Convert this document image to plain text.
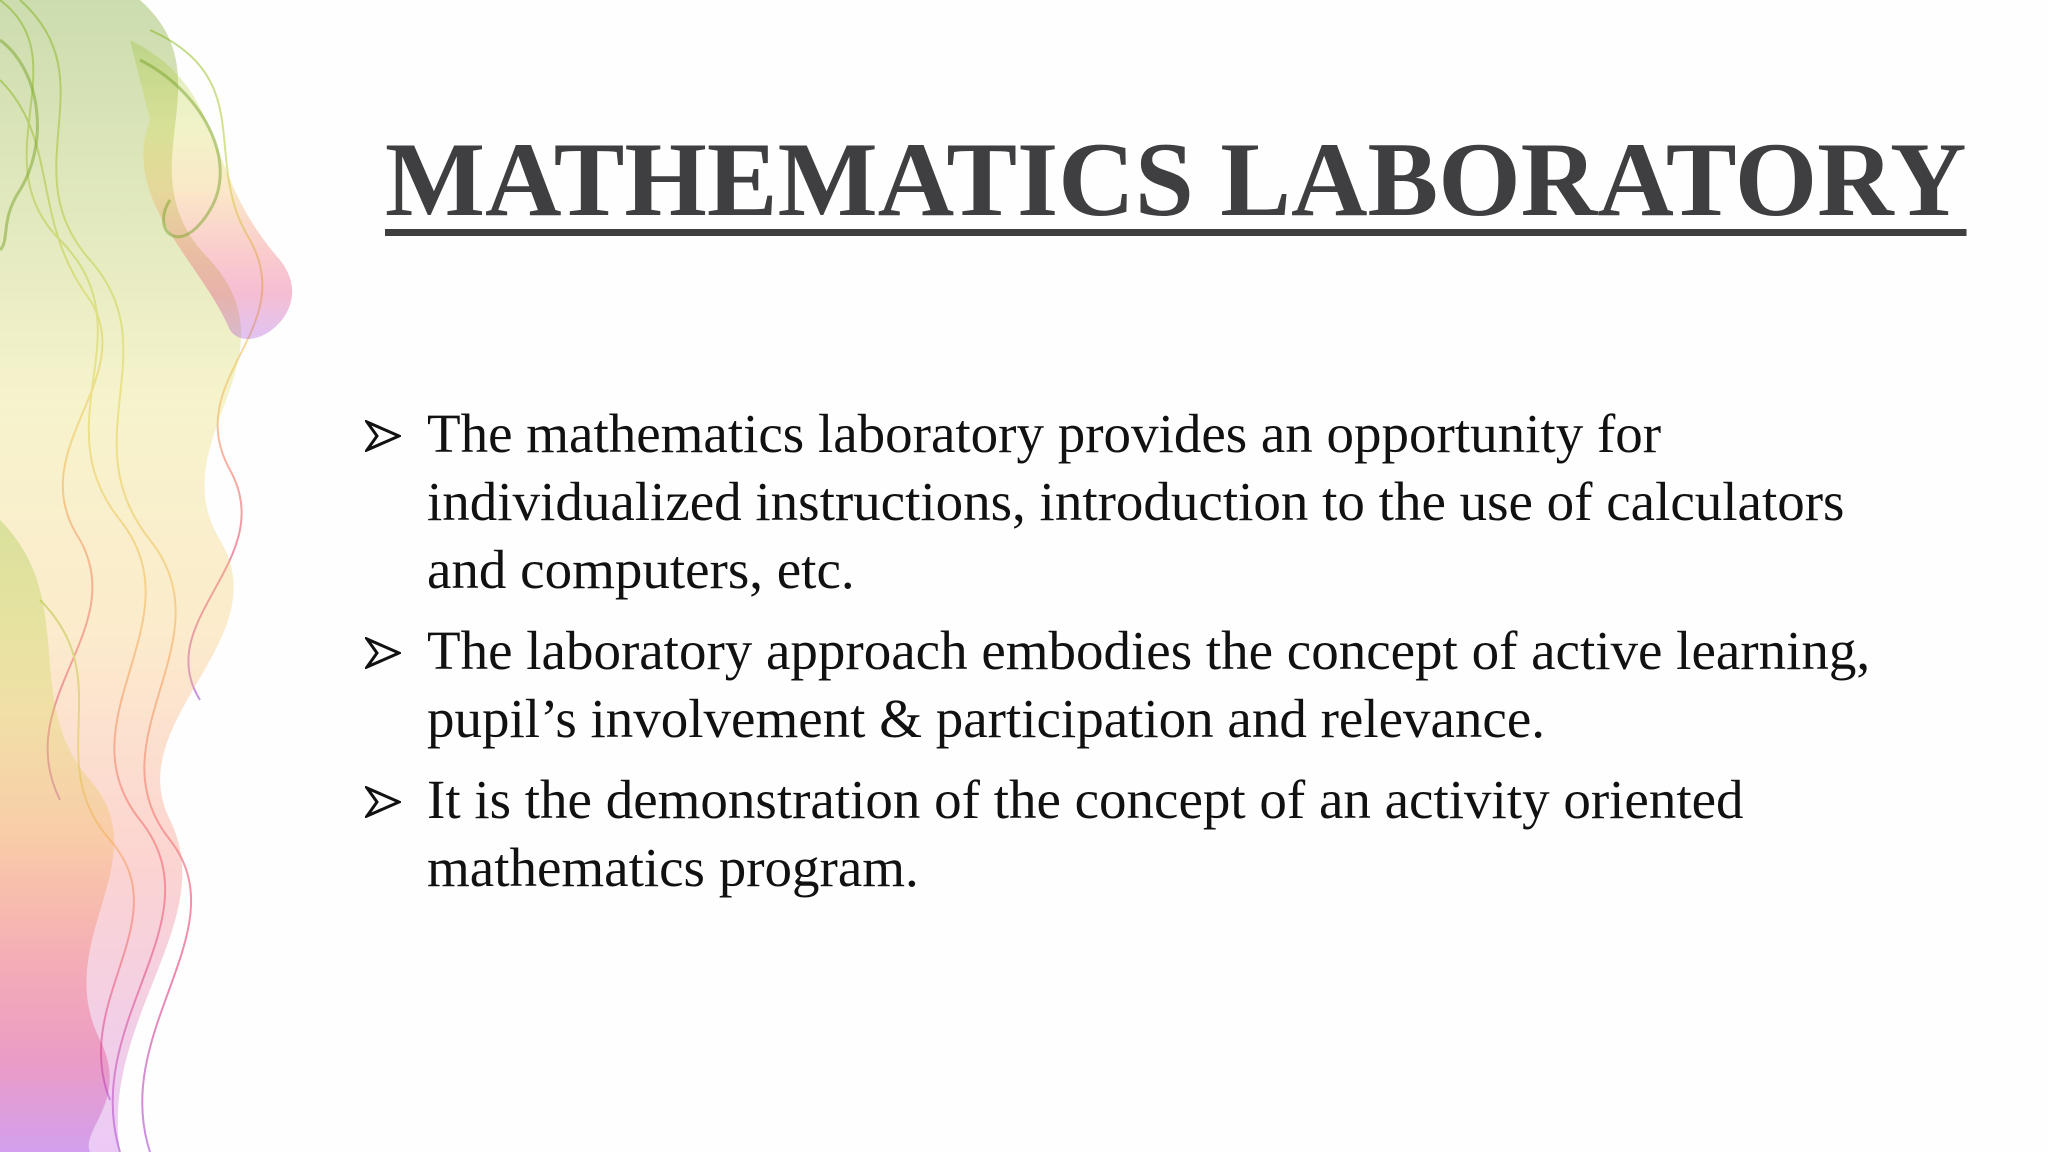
MATHEMATICS LABORATORY
The mathematics laboratory provides an opportunity for individualized instructions, introduction to the use of calculators and computers, etc.
The laboratory approach embodies the concept of active learning, pupil’s involvement & participation and relevance.
It is the demonstration of the concept of an activity oriented mathematics program.
